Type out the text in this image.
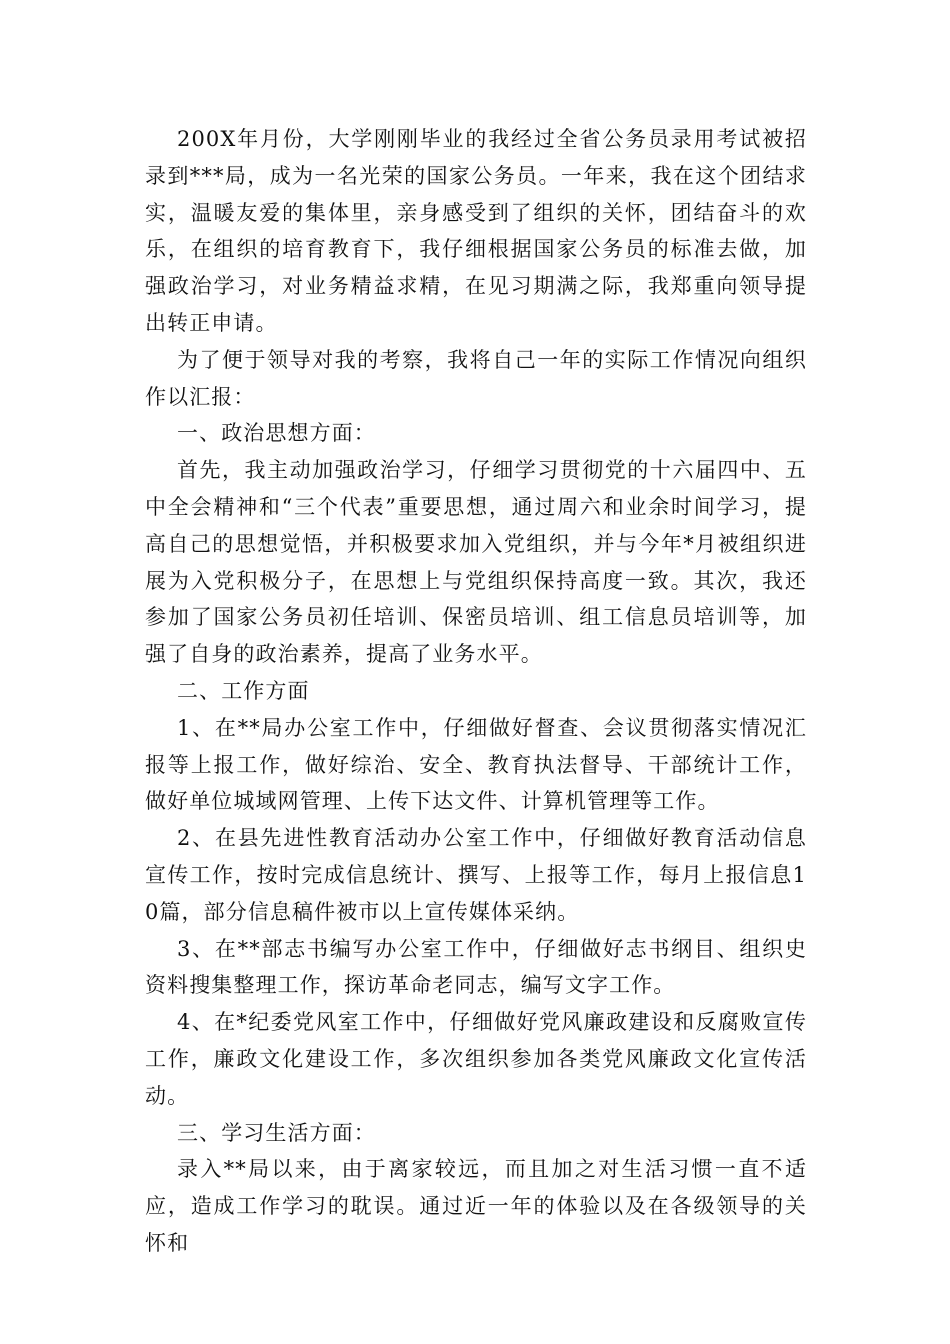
200X年月份，大学刚刚毕业的我经过全省公务员录用考试被招录到***局，成为一名光荣的国家公务员。一年来，我在这个团结求实，温暖友爱的集体里，亲身感受到了组织的关怀，团结奋斗的欢乐，在组织的培育教育下，我仔细根据国家公务员的标准去做，加强政治学习，对业务精益求精，在见习期满之际，我郑重向领导提出转正申请。

为了便于领导对我的考察，我将自己一年的实际工作情况向组织作以汇报：

一、政治思想方面：

首先，我主动加强政治学习，仔细学习贯彻党的十六届四中、五中全会精神和“三个代表”重要思想，通过周六和业余时间学习，提高自己的思想觉悟，并积极要求加入党组织，并与今年*月被组织进展为入党积极分子，在思想上与党组织保持高度一致。其次，我还参加了国家公务员初任培训、保密员培训、组工信息员培训等，加强了自身的政治素养，提高了业务水平。

二、工作方面

1、在**局办公室工作中，仔细做好督查、会议贯彻落实情况汇报等上报工作，做好综治、安全、教育执法督导、干部统计工作，做好单位城域网管理、上传下达文件、计算机管理等工作。

2、在县先进性教育活动办公室工作中，仔细做好教育活动信息宣传工作，按时完成信息统计、撰写、上报等工作，每月上报信息10篇，部分信息稿件被市以上宣传媒体采纳。

3、在**部志书编写办公室工作中，仔细做好志书纲目、组织史资料搜集整理工作，探访革命老同志，编写文字工作。

4、在*纪委党风室工作中，仔细做好党风廉政建设和反腐败宣传工作，廉政文化建设工作，多次组织参加各类党风廉政文化宣传活动。

三、学习生活方面：

录入**局以来，由于离家较远，而且加之对生活习惯一直不适应，造成工作学习的耽误。通过近一年的体验以及在各级领导的关怀和
